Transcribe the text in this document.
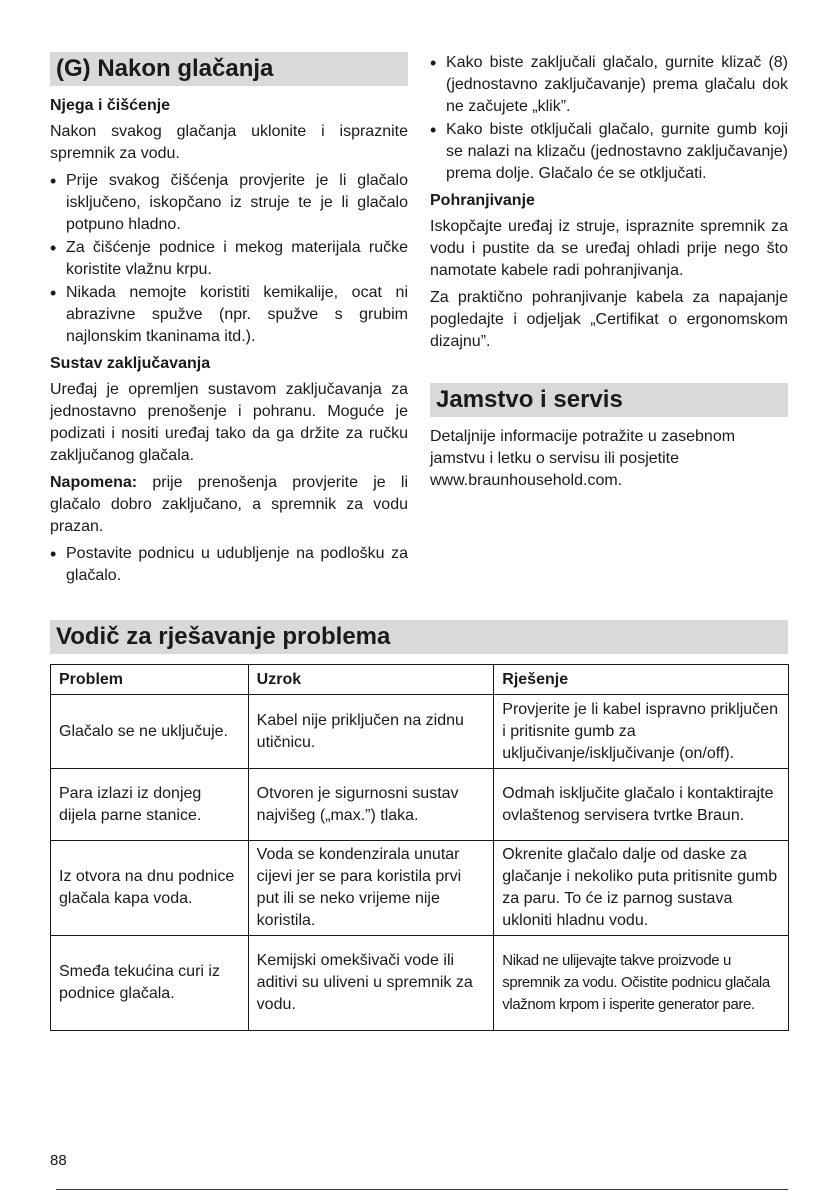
(G) Nakon glačanja
Njega i čišćenje

Nakon svakog glačanja uklonite i ispraznite spremnik za vodu.

• Prije svakog čišćenja provjerite je li glačalo isključeno, iskopčano iz struje te je li glačalo potpuno hladno.
• Za čišćenje podnice i mekog materijala ručke koristite vlažnu krpu.
• Nikada nemojte koristiti kemikalije, ocat ni abrazivne spužve (npr. spužve s grubim najlonskim tkaninama itd.).
Sustav zaključavanja

Uređaj je opremljen sustavom zaključavanja za jednostavno prenošenje i pohranu. Moguće je podizati i nositi uređaj tako da ga držite za ručku zaključanog glačala.

Napomena: prije prenošenja provjerite je li glačalo dobro zaključano, a spremnik za vodu prazan.

• Postavite podnicu u udubljenje na podlošku za glačalo.
• Kako biste zaključali glačalo, gurnite klizač (8) (jednostavno zaključavanje) prema glačalu dok ne začujete „klik”.
• Kako biste otključali glačalo, gurnite gumb koji se nalazi na klizaču (jednostavno zaključavanje) prema dolje. Glačalo će se otključati.
Pohranjivanje

Iskopčajte uređaj iz struje, ispraznite spremnik za vodu i pustite da se uređaj ohladi prije nego što namotate kabele radi pohranjivanja.

Za praktično pohranjivanje kabela za napajanje pogledajte i odjeljak „Certifikat o ergonomskom dizajnu”.

Jamstvo i servis

Detaljnije informacije potražite u zasebnom jamstvu i letku o servisu ili posjetite www.braunhousehold.com.

Vodič za rješavanje problema
Problem	Uzrok	Rješenje
Glačalo se ne uključuje.	Kabel nije priključen na zidnu utičnicu.	Provjerite je li kabel ispravno priključen i pritisnite gumb za uključivanje/isključivanje (on/off).
Para izlazi iz donjeg dijela parne stanice.	Otvoren je sigurnosni sustav najvišeg („max.”) tlaka.	Odmah isključite glačalo i kontaktirajte ovlaštenog servisera tvrtke Braun.
Iz otvora na dnu podnice glačala kapa voda.	Voda se kondenzirala unutar cijevi jer se para koristila prvi put ili se neko vrijeme nije koristila.	Okrenite glačalo dalje od daske za glačanje i nekoliko puta pritisnite gumb za paru. To će iz parnog sustava ukloniti hladnu vodu.
Smeđa tekućina curi iz podnice glačala.	Kemijski omekšivači vode ili aditivi su uliveni u spremnik za vodu.	Nikad ne ulijevajte takve proizvode u spremnik za vodu. Očistite podnicu glačala vlažnom krpom i isperite generator pare.
88
